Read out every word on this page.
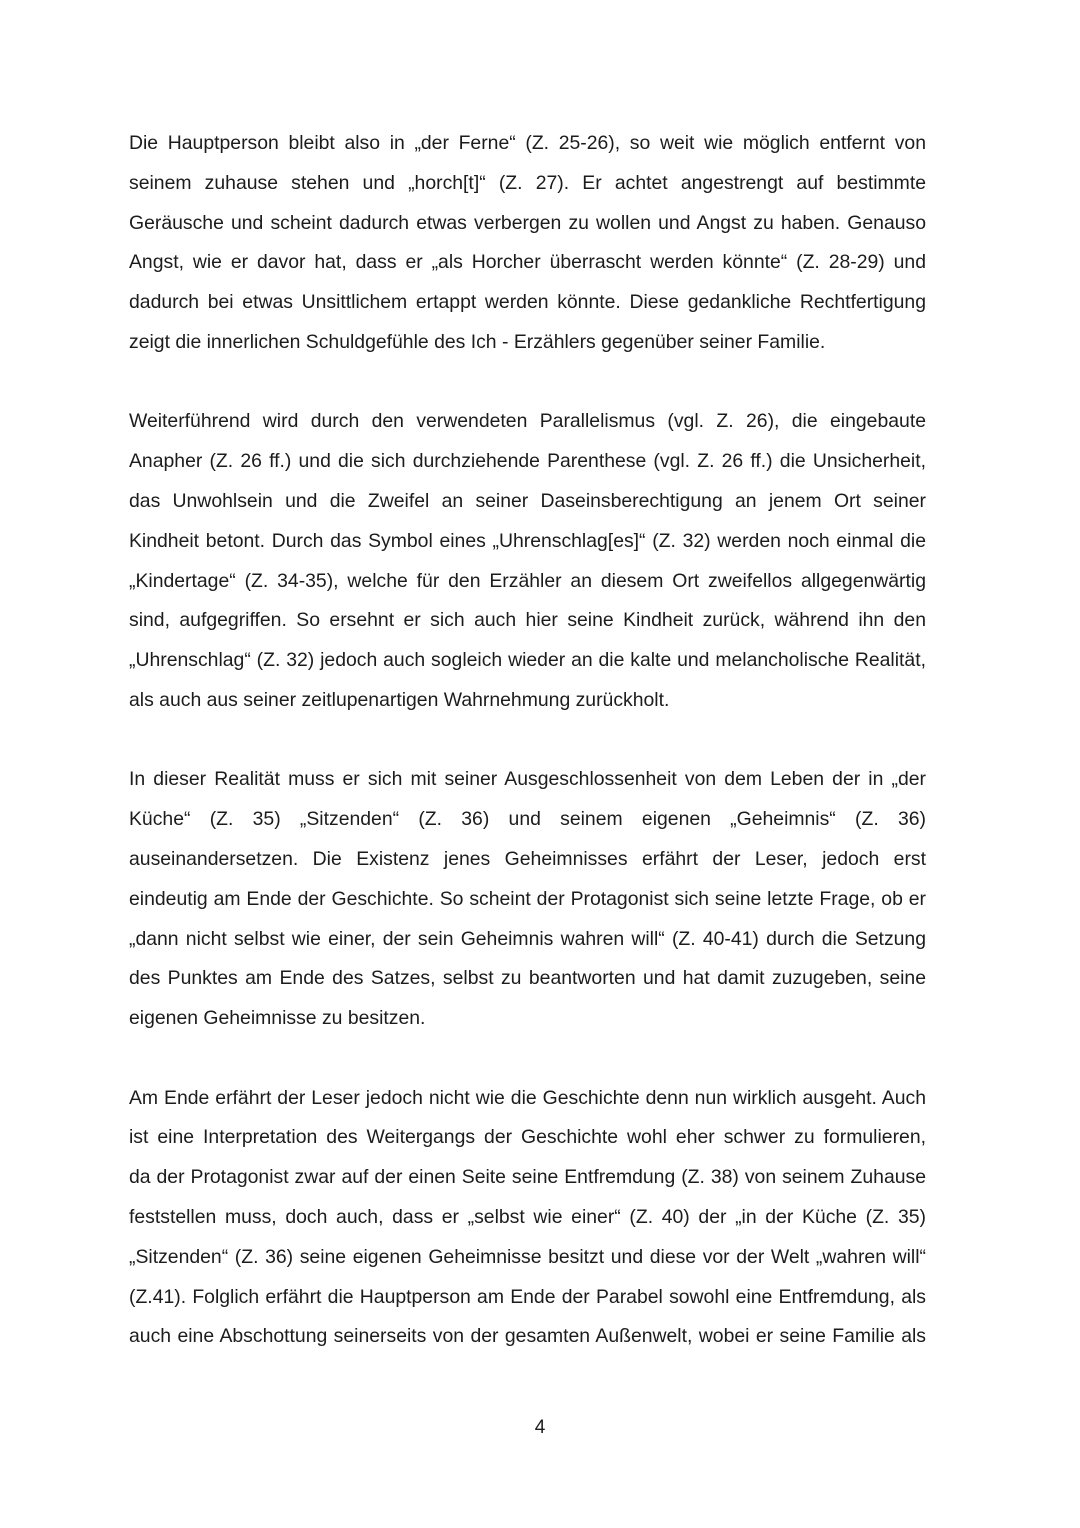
Die Hauptperson bleibt also in „der Ferne“ (Z. 25-26), so weit wie möglich entfernt von
seinem zuhause stehen und „horch[t]“ (Z. 27). Er achtet angestrengt auf bestimmte
Geräusche und scheint dadurch etwas verbergen zu wollen und Angst zu haben. Genauso
Angst, wie er davor hat, dass er „als Horcher überrascht werden könnte“ (Z. 28-29) und
dadurch bei etwas Unsittlichem ertappt werden könnte. Diese gedankliche Rechtfertigung
zeigt die innerlichen Schuldgefühle des Ich - Erzählers gegenüber seiner Familie.

Weiterführend wird durch den verwendeten Parallelismus (vgl. Z. 26), die eingebaute
Anapher (Z. 26 ff.) und die sich durchziehende Parenthese (vgl. Z. 26 ff.) die Unsicherheit,
das Unwohlsein und die Zweifel an seiner Daseinsberechtigung an jenem Ort seiner
Kindheit betont. Durch das Symbol eines „Uhrenschlag[es]“ (Z. 32) werden noch einmal die
„Kindertage“ (Z. 34-35), welche für den Erzähler an diesem Ort zweifellos allgegenwärtig
sind, aufgegriffen. So ersehnt er sich auch hier seine Kindheit zurück, während ihn den
„Uhrenschlag“ (Z. 32) jedoch auch sogleich wieder an die kalte und melancholische Realität,
als auch aus seiner zeitlupenartigen Wahrnehmung zurückholt.

In dieser Realität muss er sich mit seiner Ausgeschlossenheit von dem Leben der in „der
Küche“ (Z. 35) „Sitzenden“ (Z. 36) und seinem eigenen „Geheimnis“ (Z. 36)
auseinandersetzen. Die Existenz jenes Geheimnisses erfährt der Leser, jedoch erst
eindeutig am Ende der Geschichte. So scheint der Protagonist sich seine letzte Frage, ob er
„dann nicht selbst wie einer, der sein Geheimnis wahren will“ (Z. 40-41) durch die Setzung
des Punktes am Ende des Satzes, selbst zu beantworten und hat damit zuzugeben, seine
eigenen Geheimnisse zu besitzen.

Am Ende erfährt der Leser jedoch nicht wie die Geschichte denn nun wirklich ausgeht. Auch
ist eine Interpretation des Weitergangs der Geschichte wohl eher schwer zu formulieren,
da der Protagonist zwar auf der einen Seite seine Entfremdung (Z. 38) von seinem Zuhause
feststellen muss, doch auch, dass er „selbst wie einer“ (Z. 40) der „in der Küche (Z. 35)
„Sitzenden“ (Z. 36) seine eigenen Geheimnisse besitzt und diese vor der Welt „wahren will“
(Z.41). Folglich erfährt die Hauptperson am Ende der Parabel sowohl eine Entfremdung, als
auch eine Abschottung seinerseits von der gesamten Außenwelt, wobei er seine Familie als

4
